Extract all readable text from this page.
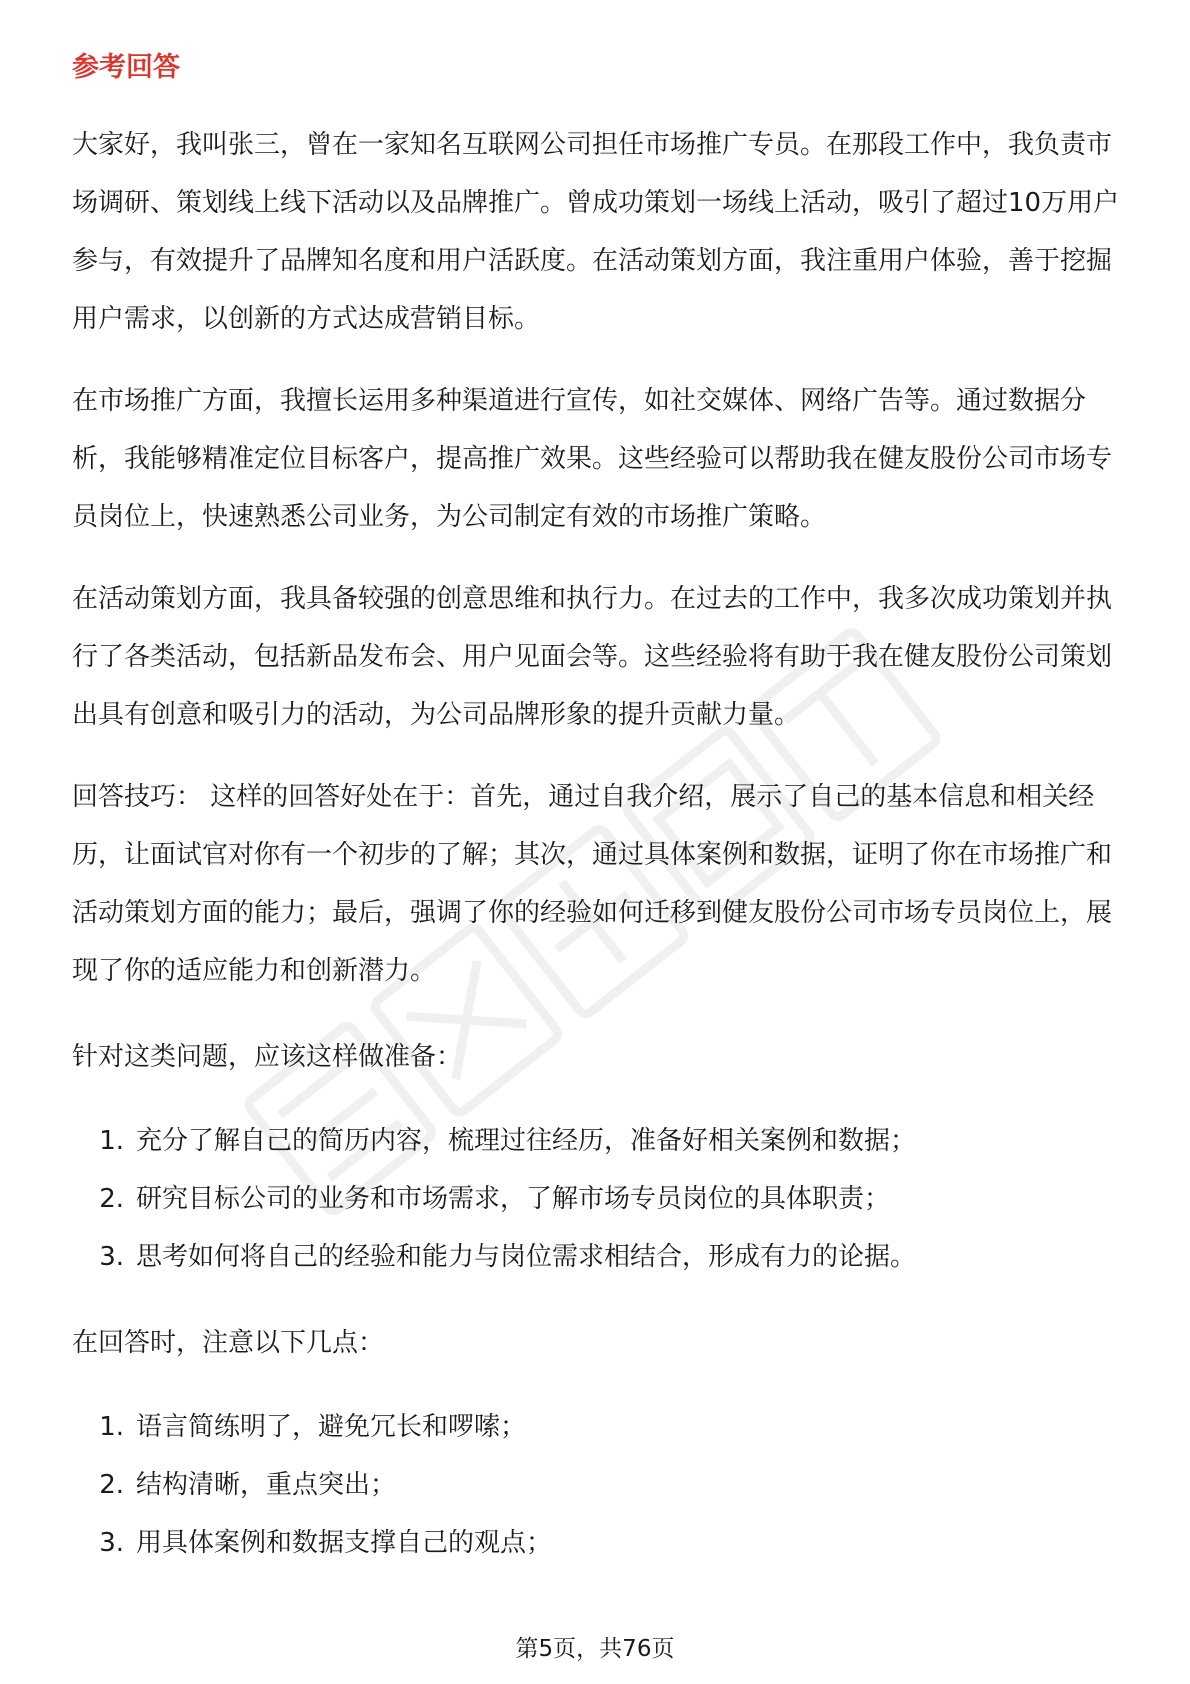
参考回答

大家好，我叫张三，曾在一家知名互联网公司担任市场推广专员。在那段工作中，我负责市场调研、策划线上线下活动以及品牌推广。曾成功策划一场线上活动，吸引了超过10万用户参与，有效提升了品牌知名度和用户活跃度。在活动策划方面，我注重用户体验，善于挖掘用户需求，以创新的方式达成营销目标。

在市场推广方面，我擅长运用多种渠道进行宣传，如社交媒体、网络广告等。通过数据分析，我能够精准定位目标客户，提高推广效果。这些经验可以帮助我在健友股份公司市场专员岗位上，快速熟悉公司业务，为公司制定有效的市场推广策略。

在活动策划方面，我具备较强的创意思维和执行力。在过去的工作中，我多次成功策划并执行了各类活动，包括新品发布会、用户见面会等。这些经验将有助于我在健友股份公司策划出具有创意和吸引力的活动，为公司品牌形象的提升贡献力量。

回答技巧： 这样的回答好处在于：首先，通过自我介绍，展示了自己的基本信息和相关经历，让面试官对你有一个初步的了解；其次，通过具体案例和数据，证明了你在市场推广和活动策划方面的能力；最后，强调了你的经验如何迁移到健友股份公司市场专员岗位上，展现了你的适应能力和创新潜力。

针对这类问题，应该这样做准备：

1. 充分了解自己的简历内容，梳理过往经历，准备好相关案例和数据；
2. 研究目标公司的业务和市场需求，了解市场专员岗位的具体职责；
3. 思考如何将自己的经验和能力与岗位需求相结合，形成有力的论据。

在回答时，注意以下几点：

1. 语言简练明了，避免冗长和啰嗦；
2. 结构清晰，重点突出；
3. 用具体案例和数据支撑自己的观点；
第5页，共76页
